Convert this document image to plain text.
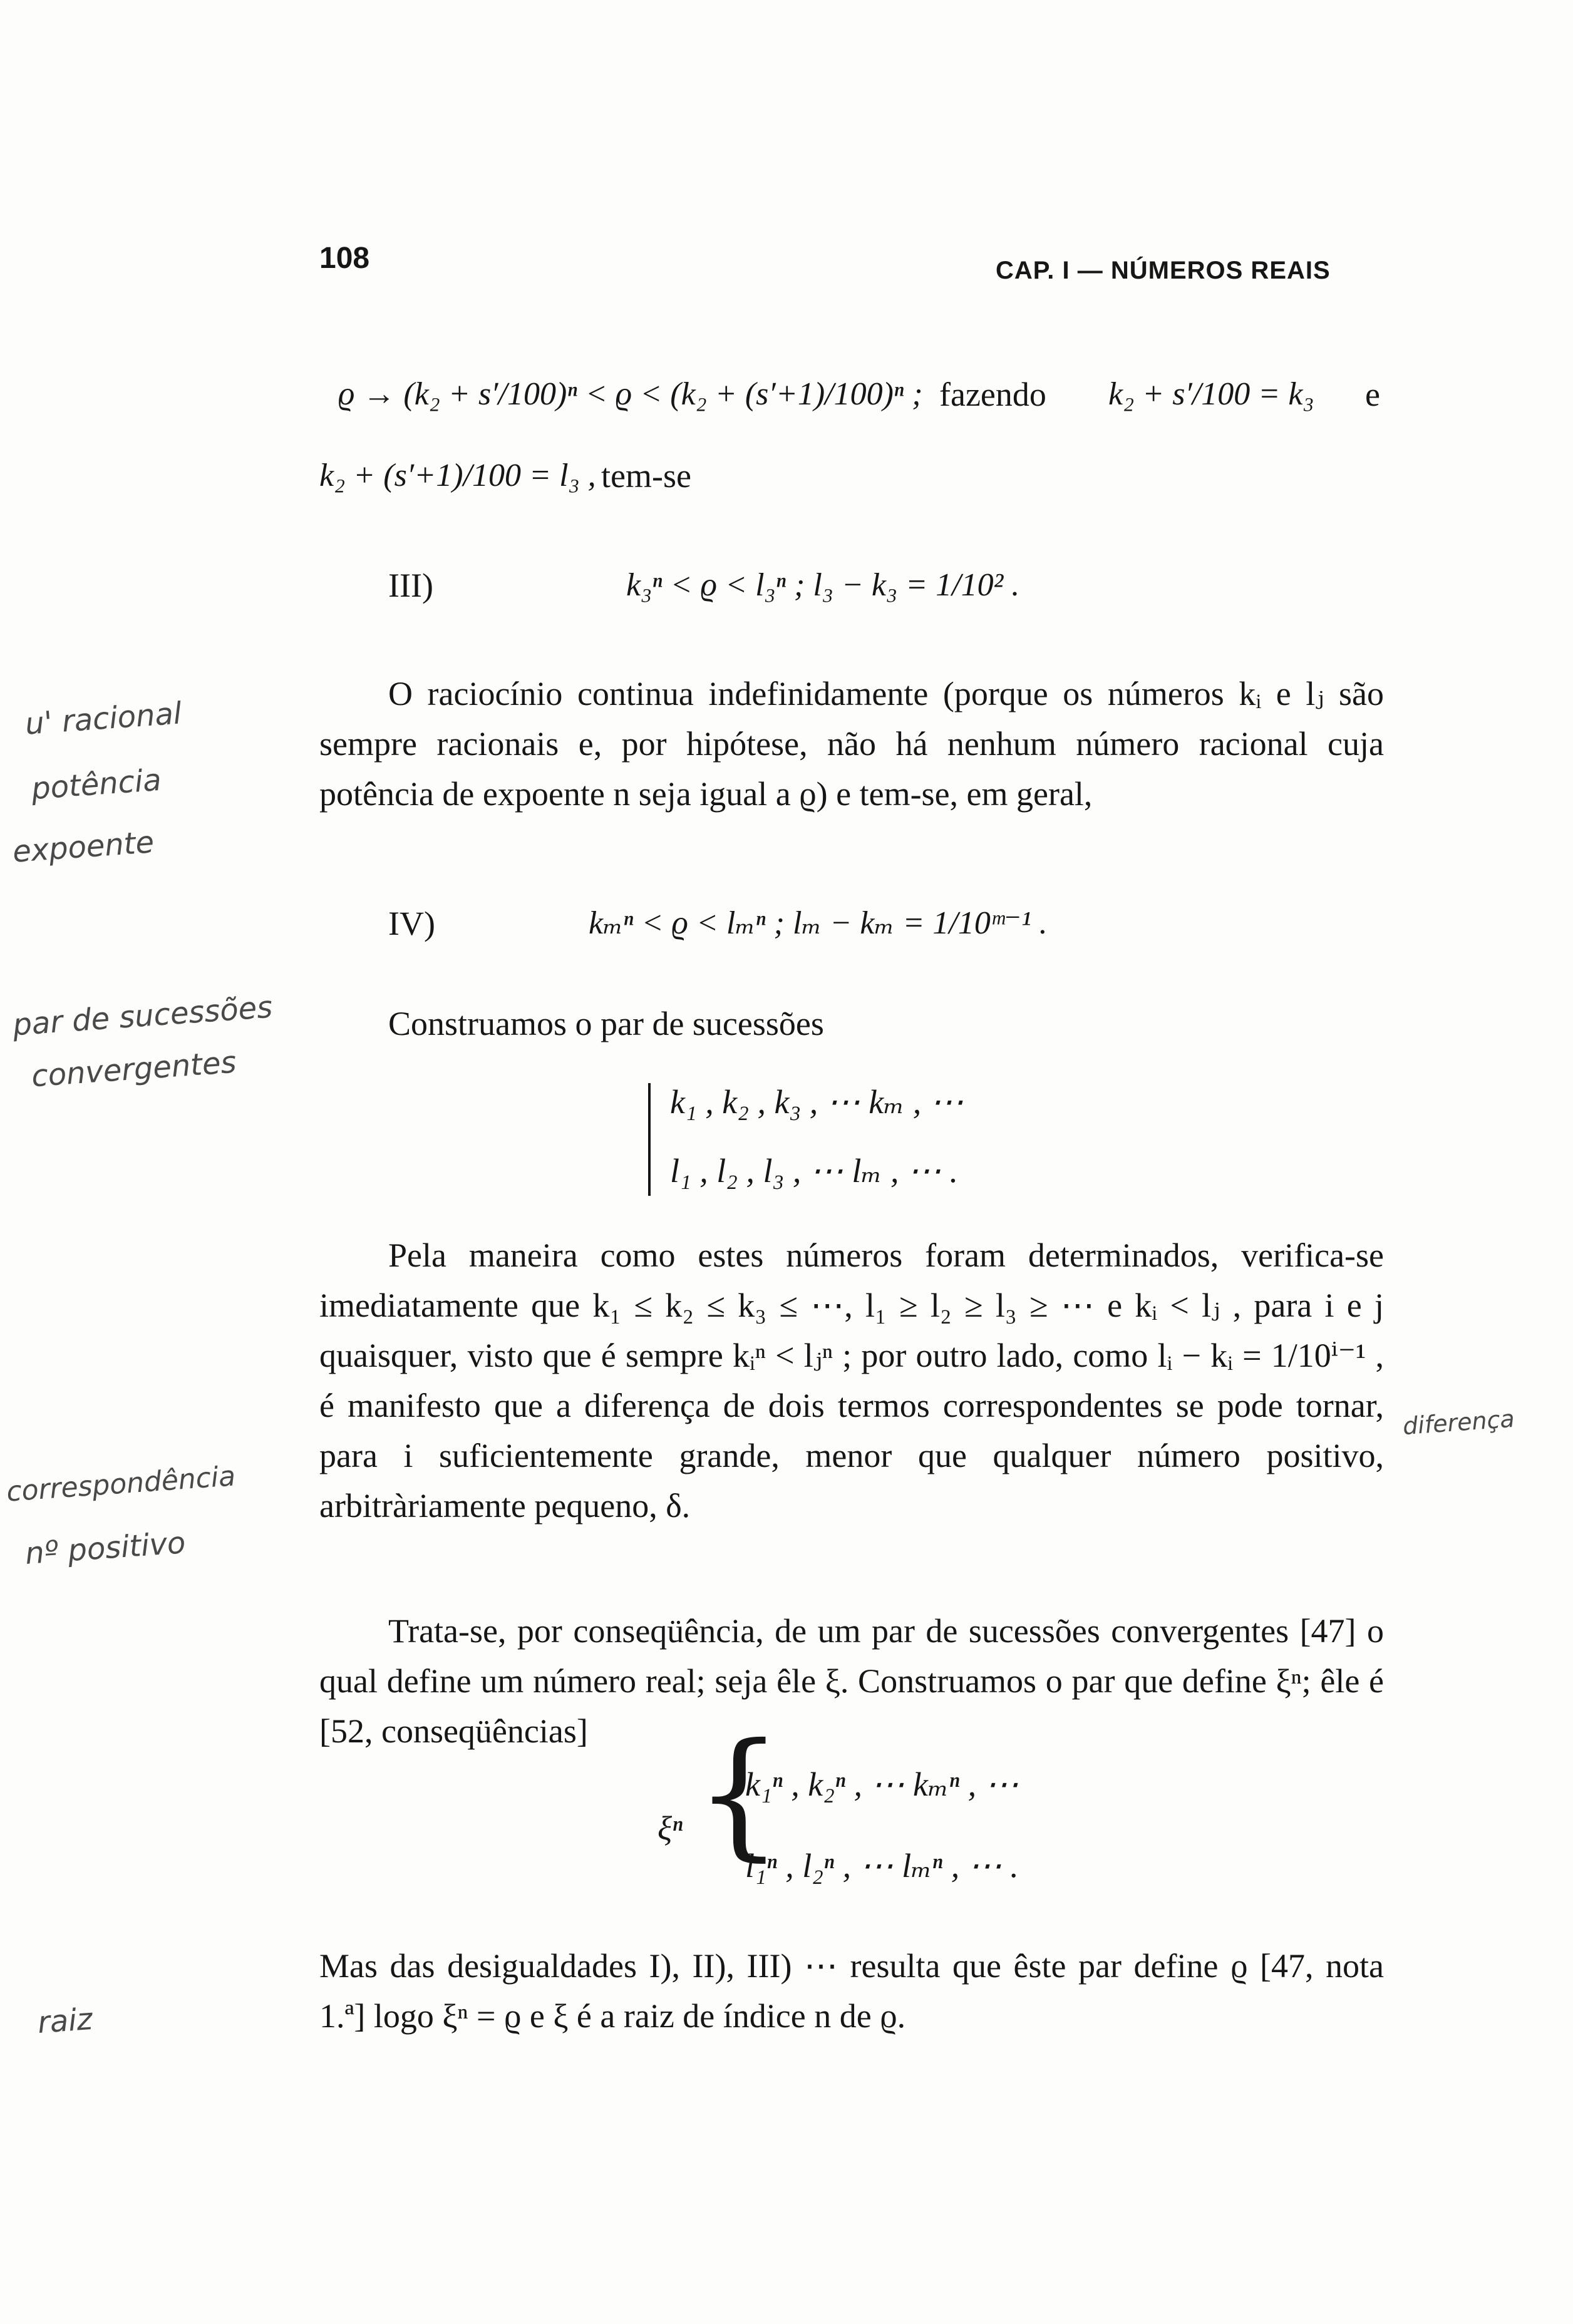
108	CAP. I — NÚMEROS REAIS
ϱ → (k₂ + s′/100)ⁿ < ϱ < (k₂ + (s′+1)/100)ⁿ ; fazendo k₂ + s′/100 = k₃ e
k₂ + (s′+1)/100 = l₃ , tem-se
III)	k₃ⁿ < ϱ < l₃ⁿ ; l₃ − k₃ = 1/10² .
O raciocínio continua indefinidamente (porque os números kᵢ e lⱼ são sempre racionais e, por hipótese, não há nenhum número racional cuja potência de expoente n seja igual a ϱ) e tem-se, em geral,
IV)	kₘⁿ < ϱ < lₘⁿ ; lₘ − kₘ = 1/10ᵐ⁻¹ .
Construamos o par de sucessões
k₁ , k₂ , k₃ , ⋯ kₘ , ⋯
l₁ , l₂ , l₃ , ⋯ lₘ , ⋯ .
Pela maneira como estes números foram determinados, verifica-se imediatamente que k₁ ≤ k₂ ≤ k₃ ≤ ⋯, l₁ ≥ l₂ ≥ l₃ ≥ ⋯ e kᵢ < lⱼ , para i e j quaisquer, visto que é sempre kᵢⁿ < lⱼⁿ ; por outro lado, como lᵢ − kᵢ = 1/10ⁱ⁻¹ , é manifesto que a diferença de dois termos correspondentes se pode tornar, para i suficientemente grande, menor que qualquer número positivo, arbitràriamente pequeno, δ.
Trata-se, por conseqüência, de um par de sucessões convergentes [47] o qual define um número real; seja êle ξ. Construamos o par que define ξⁿ; êle é [52, conseqüências]
ξⁿ {
k₁ⁿ , k₂ⁿ , ⋯ kₘⁿ , ⋯
l₁ⁿ , l₂ⁿ , ⋯ lₘⁿ , ⋯ .
Mas das desigualdades I), II), III) ⋯ resulta que êste par define ϱ [47, nota 1.ª] logo ξⁿ = ϱ e ξ é a raiz de índice n de ϱ.
u' racional
potência
expoente
par de sucessões
convergentes
diferença
correspondência
nº positivo
raiz
